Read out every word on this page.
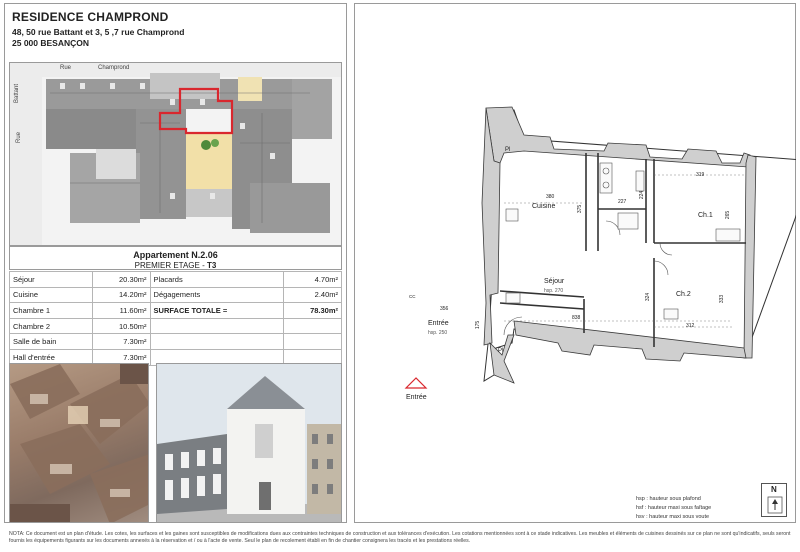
RESIDENCE CHAMPROND
48, 50 rue Battant et 3, 5 ,7 rue Champrond
25 000 BESANÇON
Rue	Champrond
Battant
Rue
Appartement N.2.06
PREMIER ETAGE - T3
Séjour	20.30m²	Placards	4.70m²
Cuisine	14.20m²	Dégagements	2.40m²
Chambre 1	11.60m²	SURFACE TOTALE =	78.30m²
Chambre 2	10.50m²		
Salle de bain	7.30m²		
Hall d'entrée	7.30m²		
NOTA: Ce document est un plan d'étude. Les cotes, les surfaces et les gaines sont susceptibles de modifications dues aux contraintes techniques de construction et aux tolérances d'exécution. Les cotations mentionnées sont à ce stade indicatives. Les meubles et éléments de cuisines dessinés sur ce plan ne sont qu'indicatifs, seuls seront fournis les équipements figurants sur les documents annexés à la réservation et / ou à l'acte de vente. Seul le plan de recolement établi en fin de chantier consignera les tracés et les prestations réelles.
Cuisine
Séjour
hsp. 270
Ch.1
Ch.2
Entrée
hsp. 250
Pl
Pl
CC
380
227
224
319
265
356
838
312
333
324
175
375
Entrée
hsp : hauteur sous plafond
hsf : hauteur maxi sous faîtage
hsv : hauteur maxi sous voute
N
